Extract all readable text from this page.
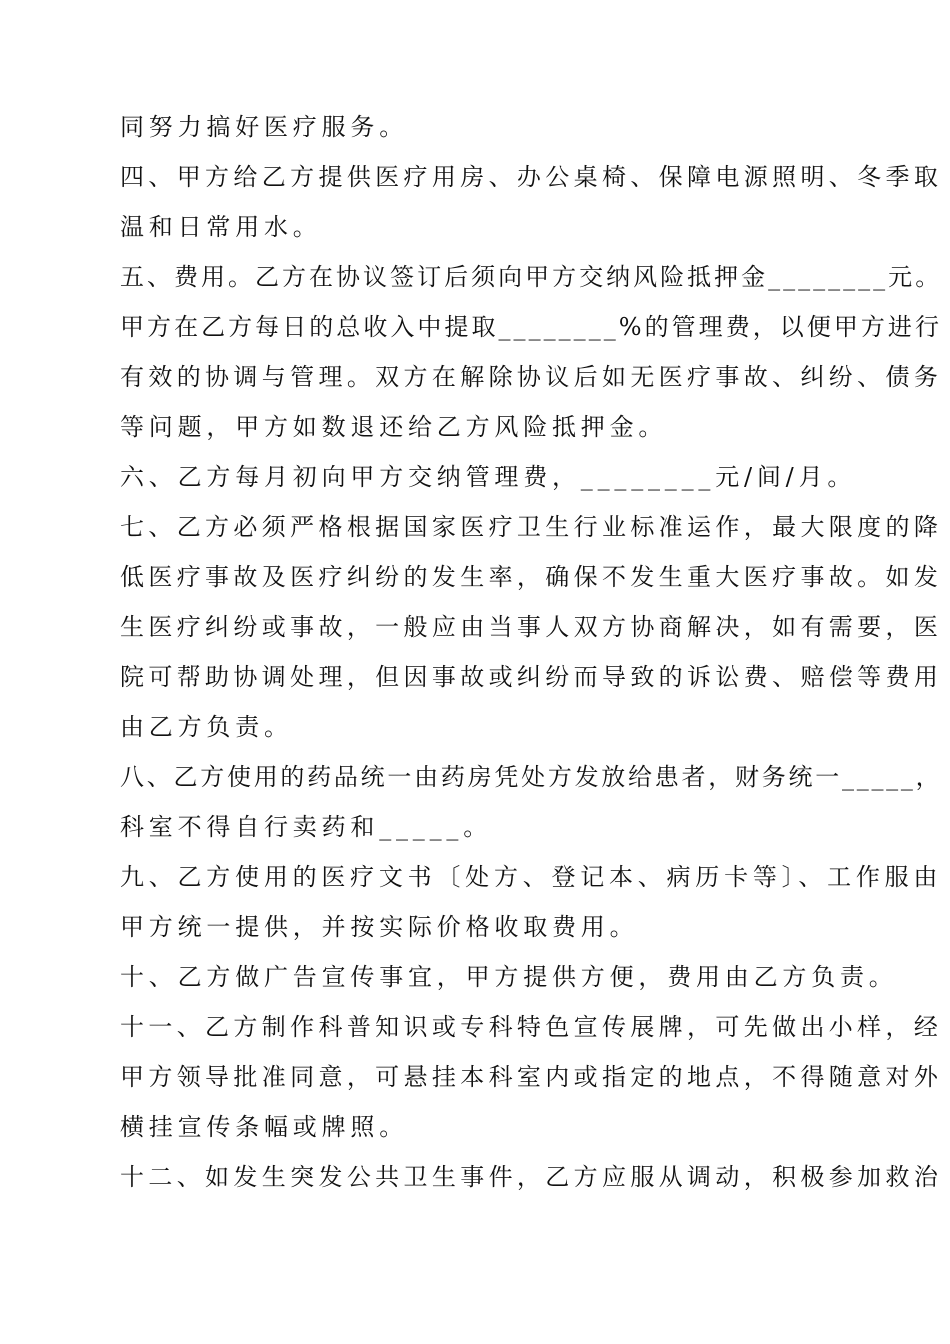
同努力搞好医疗服务。
四、甲方给乙方提供医疗用房、办公桌椅、保障电源照明、冬季取
温和日常用水。
五、费用。乙方在协议签订后须向甲方交纳风险抵押金________元。
甲方在乙方每日的总收入中提取________%的管理费，以便甲方进行
有效的协调与管理。双方在解除协议后如无医疗事故、纠纷、债务
等问题，甲方如数退还给乙方风险抵押金。
六、乙方每月初向甲方交纳管理费，________元/间/月。
七、乙方必须严格根据国家医疗卫生行业标准运作，最大限度的降
低医疗事故及医疗纠纷的发生率，确保不发生重大医疗事故。如发
生医疗纠纷或事故，一般应由当事人双方协商解决，如有需要，医
院可帮助协调处理，但因事故或纠纷而导致的诉讼费、赔偿等费用
由乙方负责。
八、乙方使用的药品统一由药房凭处方发放给患者，财务统一_____，
科室不得自行卖药和_____。
九、乙方使用的医疗文书〔处方、登记本、病历卡等〕、工作服由
甲方统一提供，并按实际价格收取费用。
十、乙方做广告宣传事宜，甲方提供方便，费用由乙方负责。
十一、乙方制作科普知识或专科特色宣传展牌，可先做出小样，经
甲方领导批准同意，可悬挂本科室内或指定的地点，不得随意对外
横挂宣传条幅或牌照。
十二、如发生突发公共卫生事件，乙方应服从调动，积极参加救治
